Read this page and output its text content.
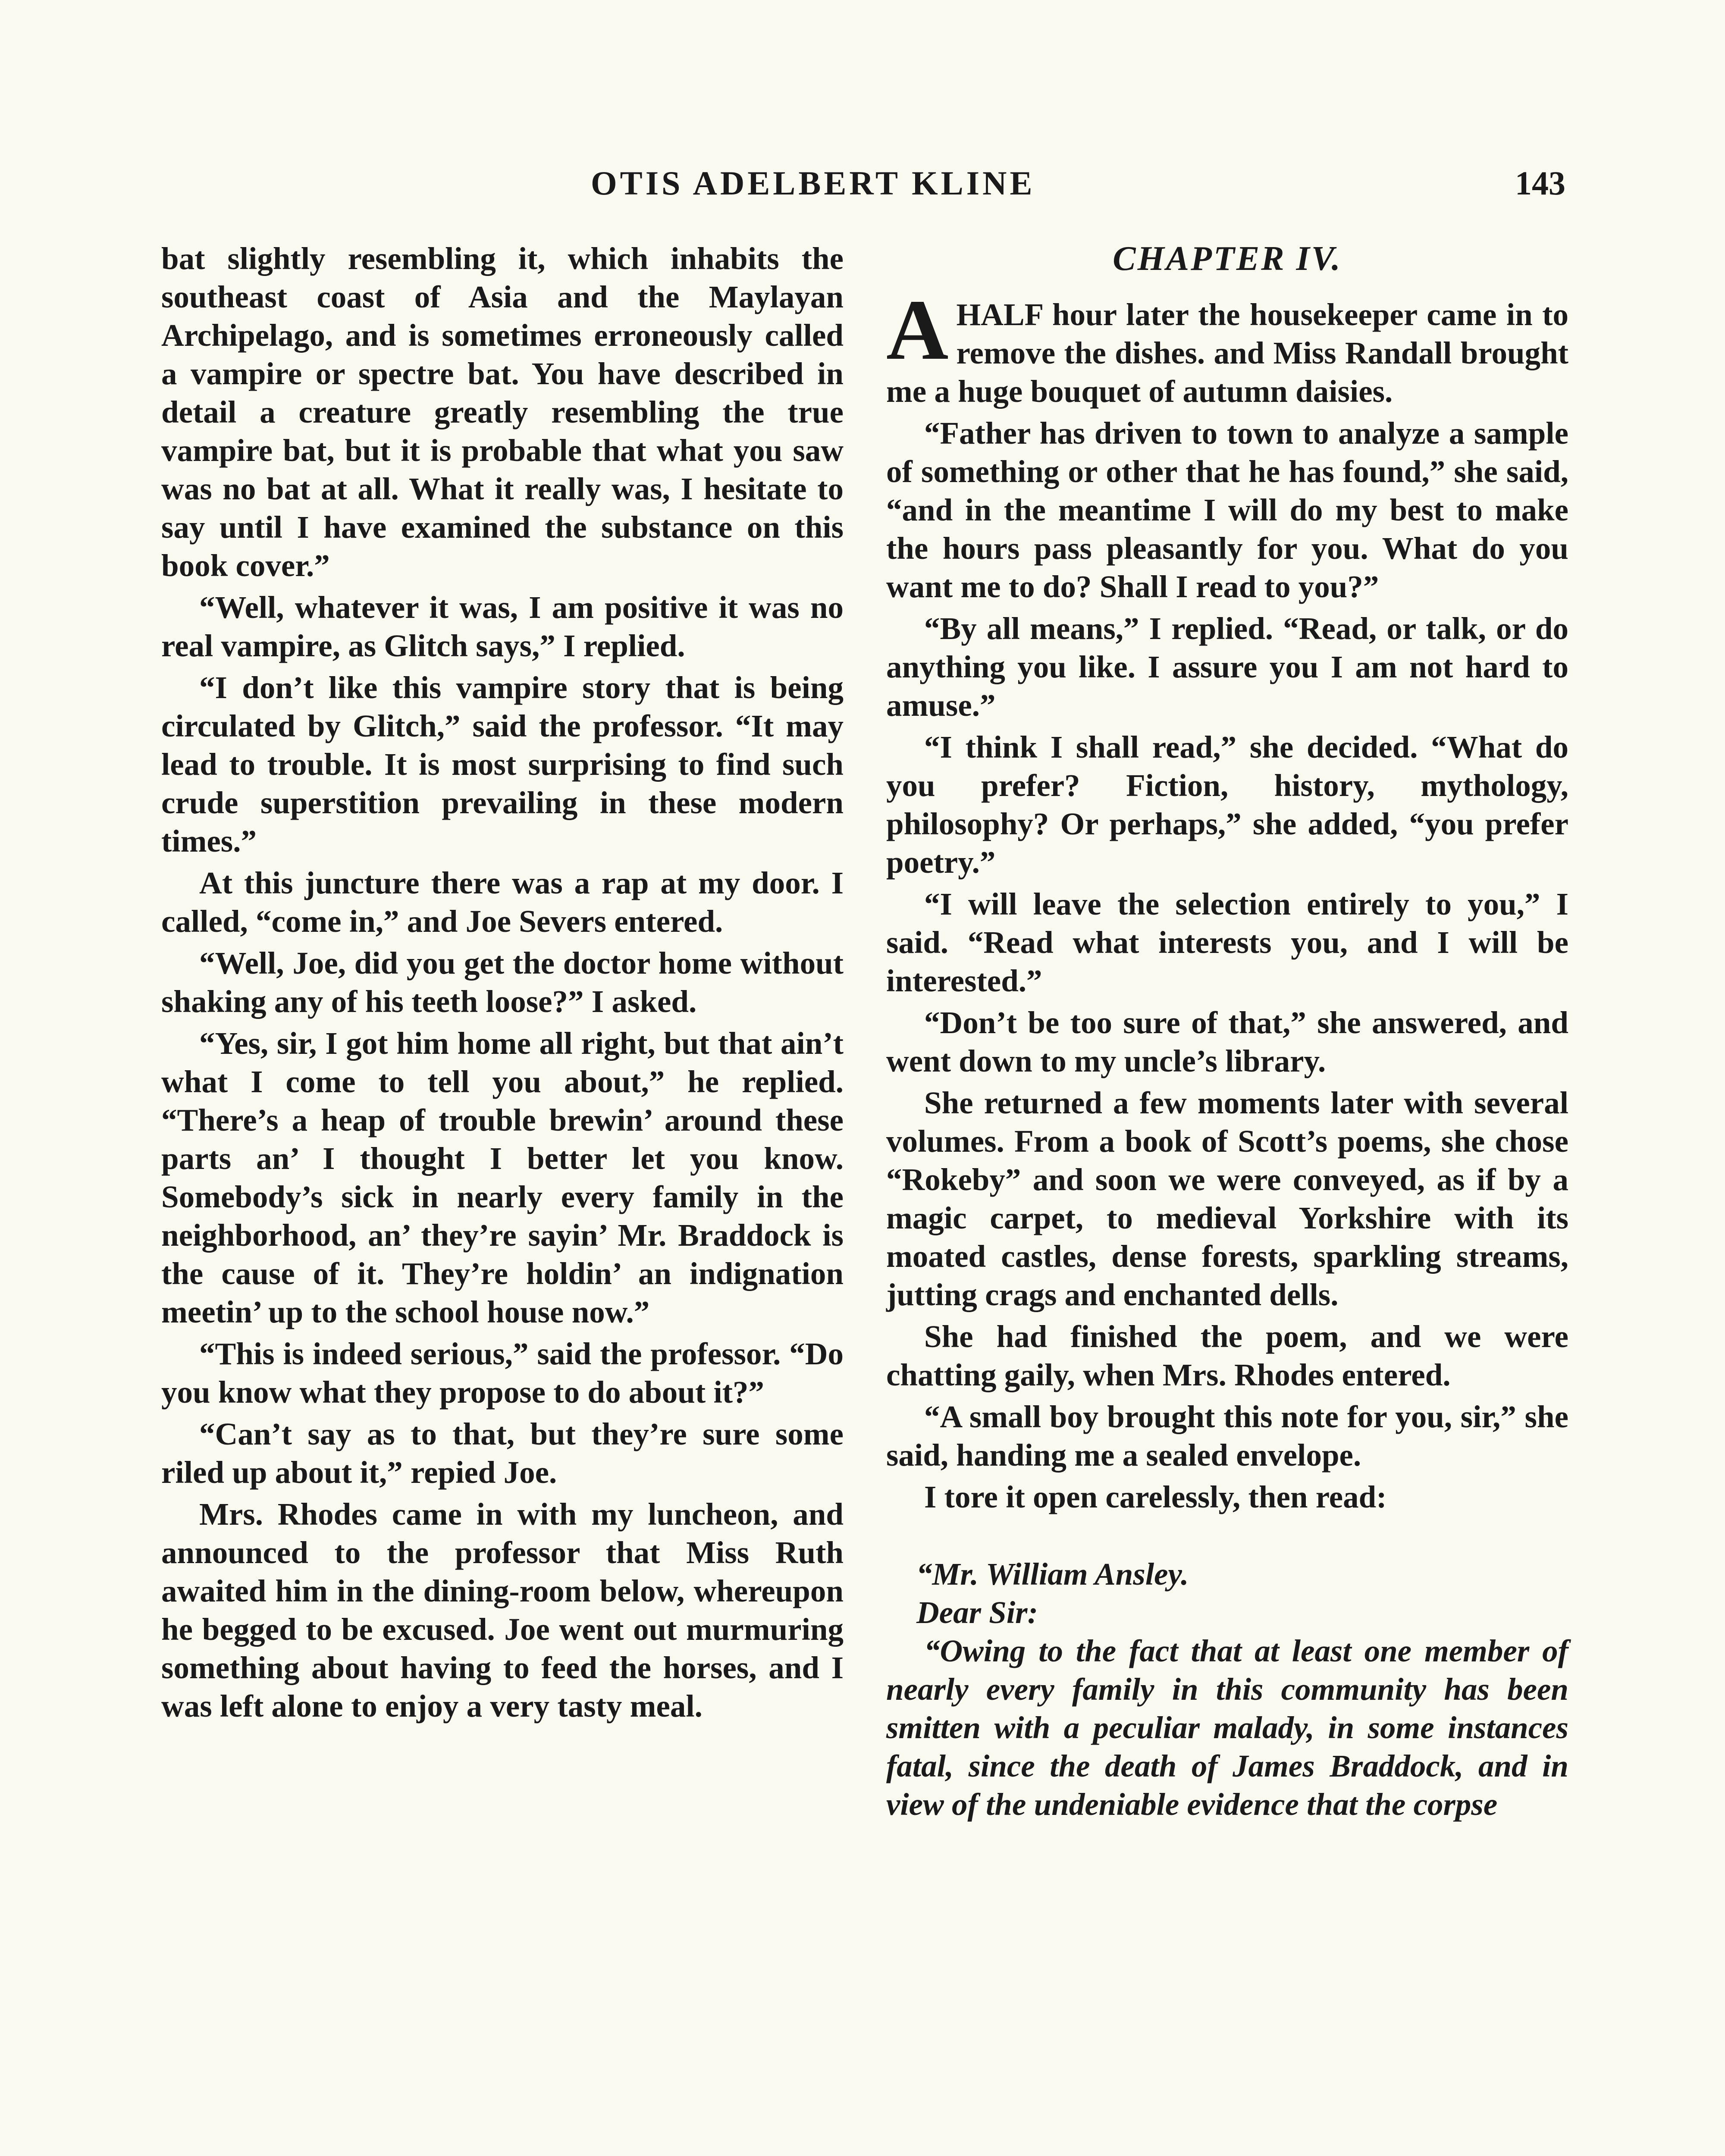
OTIS ADELBERT KLINE	143

bat slightly resembling it, which inhabits the southeast coast of Asia and the Maylayan Archipelago, and is sometimes erroneously called a vampire or spectre bat. You have described in detail a creature greatly resembling the true vampire bat, but it is probable that what you saw was no bat at all. What it really was, I hesitate to say until I have examined the substance on this book cover.”

“Well, whatever it was, I am positive it was no real vampire, as Glitch says,” I replied.

“I don’t like this vampire story that is being circulated by Glitch,” said the professor. “It may lead to trouble. It is most surprising to find such crude superstition prevailing in these modern times.”

At this juncture there was a rap at my door. I called, “come in,” and Joe Severs entered.

“Well, Joe, did you get the doctor home without shaking any of his teeth loose?” I asked.

“Yes, sir, I got him home all right, but that ain’t what I come to tell you about,” he replied. “There’s a heap of trouble brewin’ around these parts an’ I thought I better let you know. Somebody’s sick in nearly every family in the neighborhood, an’ they’re sayin’ Mr. Braddock is the cause of it. They’re holdin’ an indignation meetin’ up to the school house now.”

“This is indeed serious,” said the professor. “Do you know what they propose to do about it?”

“Can’t say as to that, but they’re sure some riled up about it,” repied Joe.

Mrs. Rhodes came in with my luncheon, and announced to the professor that Miss Ruth awaited him in the dining-room below, whereupon he begged to be excused. Joe went out murmuring something about having to feed the horses, and I was left alone to enjoy a very tasty meal.

CHAPTER IV.

AHALF hour later the housekeeper came in to remove the dishes. and Miss Randall brought me a huge bouquet of autumn daisies.

“Father has driven to town to analyze a sample of something or other that he has found,” she said, “and in the meantime I will do my best to make the hours pass pleasantly for you. What do you want me to do? Shall I read to you?”

“By all means,” I replied. “Read, or talk, or do anything you like. I assure you I am not hard to amuse.”

“I think I shall read,” she decided. “What do you prefer? Fiction, history, mythology, philosophy? Or perhaps,” she added, “you prefer poetry.”

“I will leave the selection entirely to you,” I said. “Read what interests you, and I will be interested.”

“Don’t be too sure of that,” she answered, and went down to my uncle’s library.

She returned a few moments later with several volumes. From a book of Scott’s poems, she chose “Rokeby” and soon we were conveyed, as if by a magic carpet, to medieval Yorkshire with its moated castles, dense forests, sparkling streams, jutting crags and enchanted dells.

She had finished the poem, and we were chatting gaily, when Mrs. Rhodes entered.

“A small boy brought this note for you, sir,” she said, handing me a sealed envelope.

I tore it open carelessly, then read:

“Mr. William Ansley.

Dear Sir:

“Owing to the fact that at least one member of nearly every family in this community has been smitten with a peculiar malady, in some instances fatal, since the death of James Braddock, and in view of the undeniable evidence that the corpse
